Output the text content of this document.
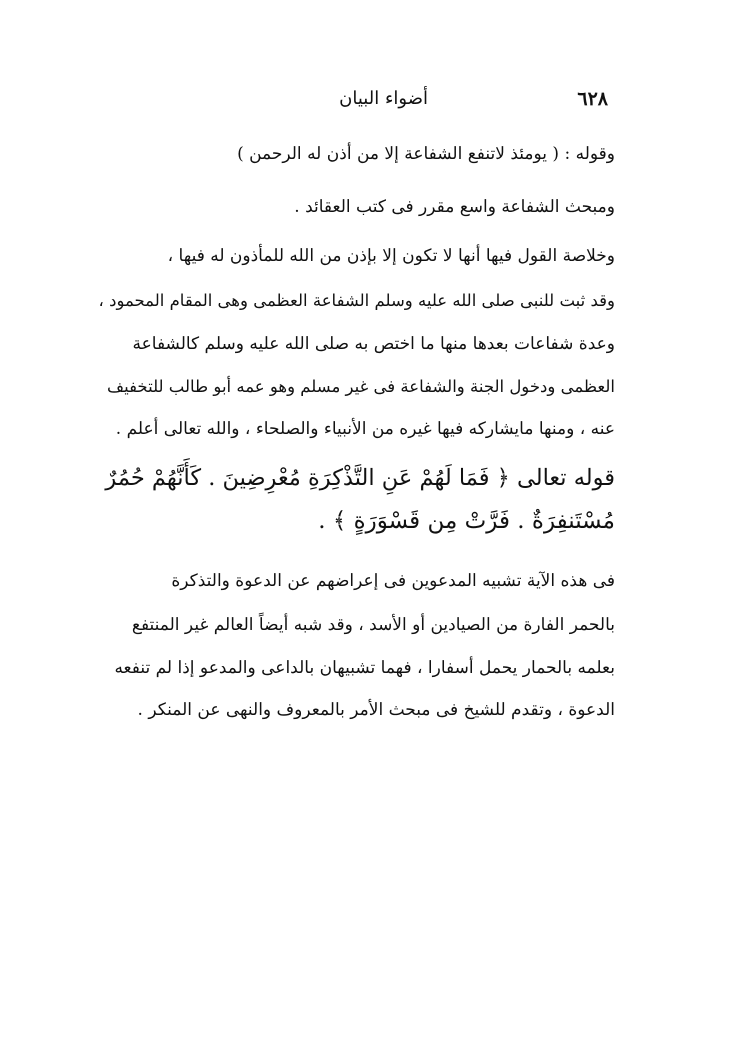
٦٢٨
أضواء البيان
وقوله : ( يومئذ لاتنفع الشفاعة إلا من أذن له الرحمن )
ومبحث الشفاعة واسع مقرر فى كتب العقائد .
وخلاصة القول فيها أنها لا تكون إلا بإذن من الله للمأذون له فيها ،
وقد ثبت للنبى صلى الله عليه وسلم الشفاعة العظمى وهى المقام المحمود ،
وعدة شفاعات بعدها منها ما اختص به صلى الله عليه وسلم كالشفاعة
العظمى ودخول الجنة والشفاعة فى غير مسلم وهو عمه أبو طالب للتخفيف
عنه ، ومنها مايشاركه فيها غيره من الأنبياء والصلحاء ، والله تعالى أعلم .
قوله تعالى ﴿ فَمَا لَهُمْ عَنِ التَّذْكِرَةِ مُعْرِضِينَ . كَأَنَّهُمْ حُمُرٌ
مُسْتَنفِرَةٌ . فَرَّتْ مِن قَسْوَرَةٍ ﴾ .
فى هذه الآية تشبيه المدعوين فى إعراضهم عن الدعوة والتذكرة
بالحمر الفارة من الصيادين أو الأسد ، وقد شبه أيضاً العالم غير المنتفع
بعلمه بالحمار يحمل أسفارا ، فهما تشبيهان بالداعى والمدعو إذا لم تنفعه
الدعوة ، وتقدم للشيخ فى مبحث الأمر بالمعروف والنهى عن المنكر .
